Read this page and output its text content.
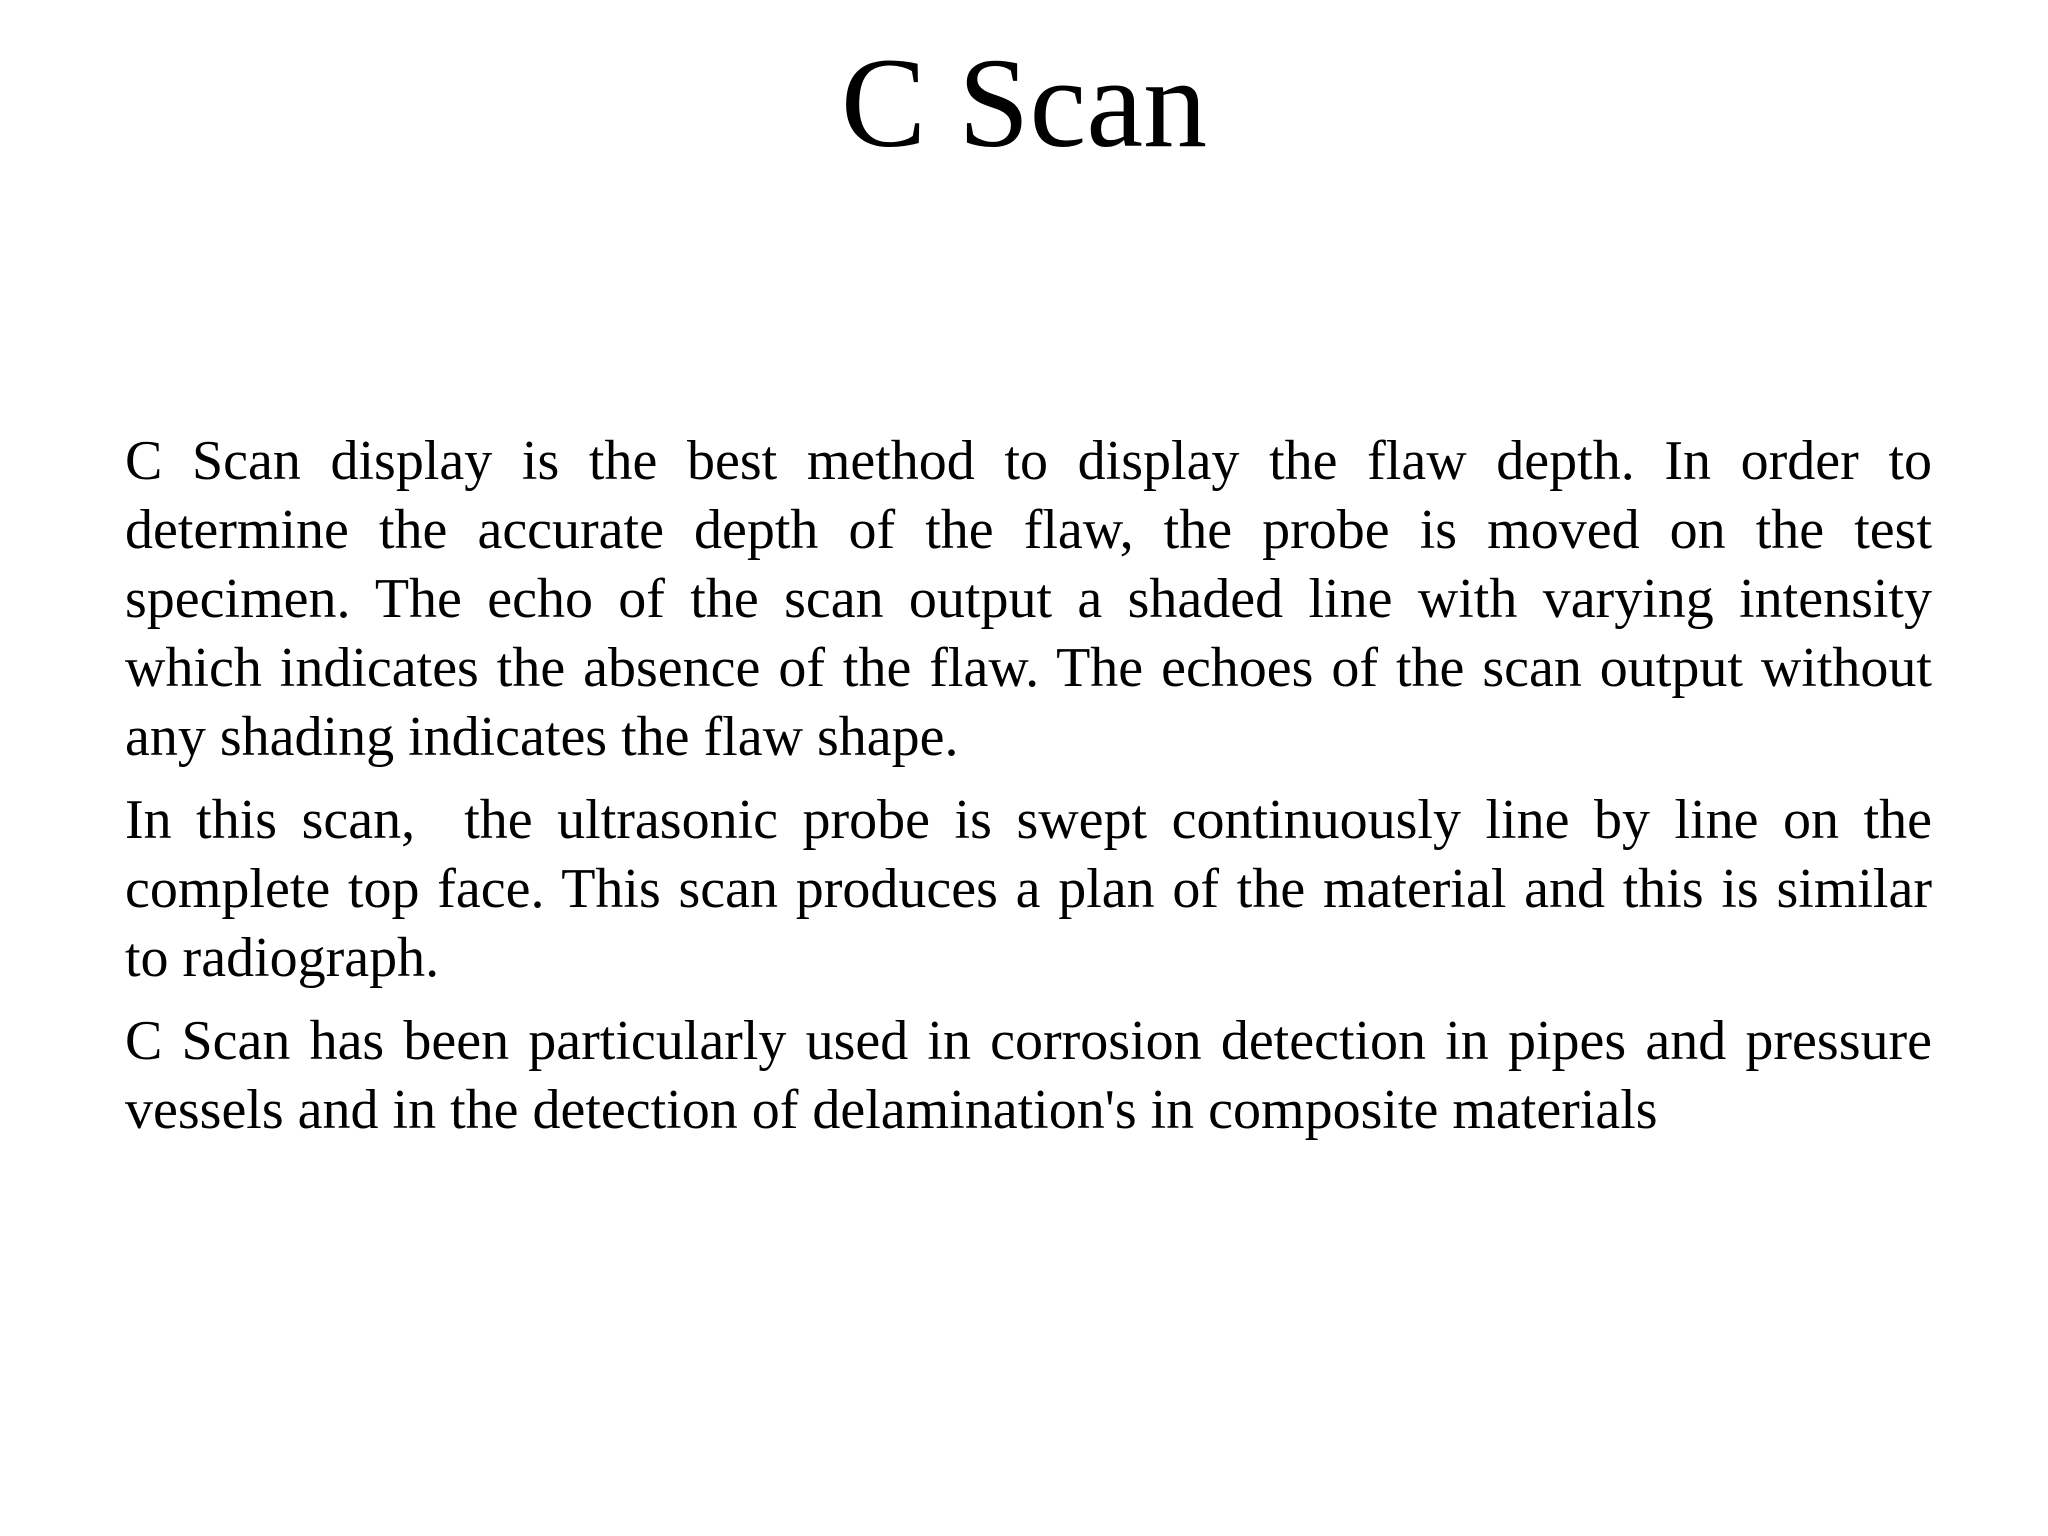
C Scan

C Scan display is the best method to display the flaw depth. In order to determine the accurate depth of the flaw, the probe is moved on the test specimen. The echo of the scan output a shaded line with varying intensity which indicates the absence of the flaw. The echoes of the scan output without any shading indicates the flaw shape.

In this scan,  the ultrasonic probe is swept continuously line by line on the complete top face. This scan produces a plan of the material and this is similar to radiograph.

C Scan has been particularly used in corrosion detection in pipes and pressure vessels and in the detection of delamination's in composite materials
